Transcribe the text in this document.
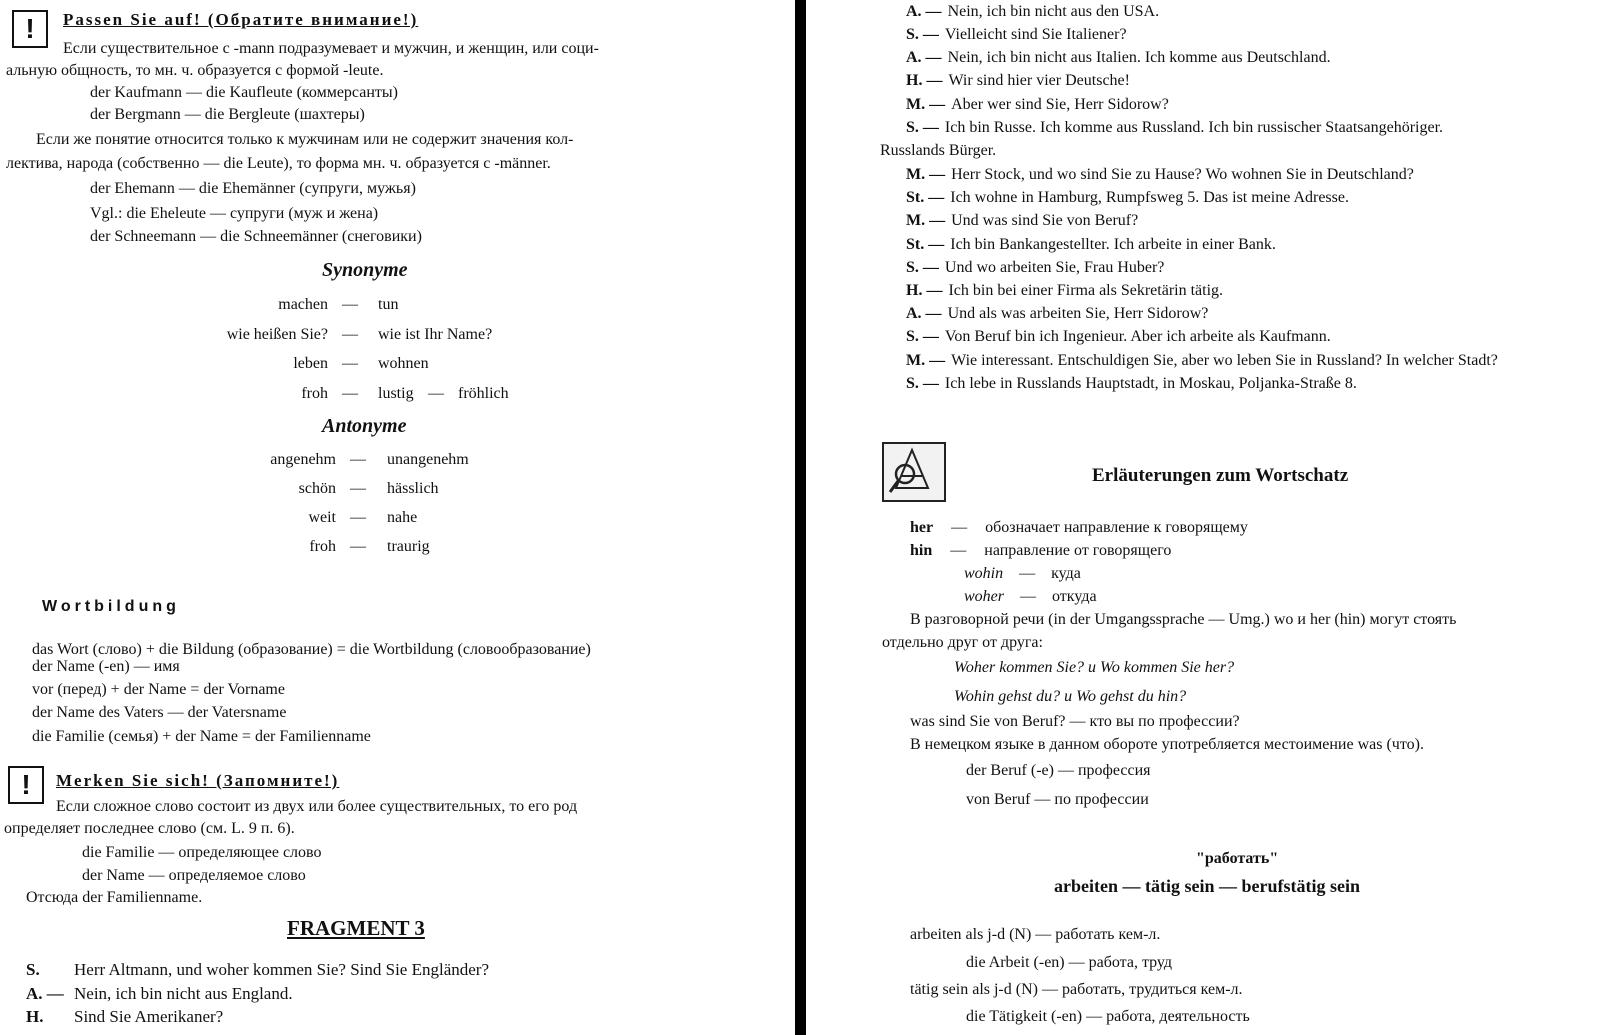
!	Passen Sie auf! (Обратите внимание!)
Если существительное с -mann подразумевает и мужчин, и женщин, или соци-
альную общность, то мн. ч. образуется с формой -leute.
der Kaufmann — die Kaufleute (коммерсанты)
der Bergmann — die Bergleute (шахтеры)
Если же понятие относится только к мужчинам или не содержит значения кол-
лектива, народа (собственно — die Leute), то форма мн. ч. образуется с -männer.
der Ehemann — die Ehemänner (супруги, мужья)
Vgl.: die Eheleute — супруги (муж и жена)
der Schneemann — die Schneemänner (снеговики)
Synonyme
machen — tun
wie heißen Sie? — wie ist Ihr Name?
leben — wohnen
froh — lustig — fröhlich
Antonyme
angenehm — unangenehm
schön — hässlich
weit — nahe
froh — traurig
Wortbildung
das Wort (слово) + die Bildung (образование) = die Wortbildung (словообразование)
der Name (-en) — имя
vor (перед) + der Name = der Vorname
der Name des Vaters — der Vatersname
die Familie (семья) + der Name = der Familienname
!	Merken Sie sich! (Запомните!)
Если сложное слово состоит из двух или более существительных, то его род
определяет последнее слово (см. L. 9 п. 6).
die Familie — определяющее слово
der Name — определяемое слово
Отсюда der Familienname.
FRAGMENT 3
S. Herr Altmann, und woher kommen Sie? Sind Sie Engländer?
A. — Nein, ich bin nicht aus England.
H. Sind Sie Amerikaner?
A. — Nein, ich bin nicht aus den USA.
S. — Vielleicht sind Sie Italiener?
A. — Nein, ich bin nicht aus Italien. Ich komme aus Deutschland.
H. — Wir sind hier vier Deutsche!
M. — Aber wer sind Sie, Herr Sidorow?
S. — Ich bin Russe. Ich komme aus Russland. Ich bin russischer Staatsangehöriger.
Russlands Bürger.
M. — Herr Stock, und wo sind Sie zu Hause? Wo wohnen Sie in Deutschland?
St. — Ich wohne in Hamburg, Rumpfsweg 5. Das ist meine Adresse.
M. — Und was sind Sie von Beruf?
St. — Ich bin Bankangestellter. Ich arbeite in einer Bank.
S. — Und wo arbeiten Sie, Frau Huber?
H. — Ich bin bei einer Firma als Sekretärin tätig.
A. — Und als was arbeiten Sie, Herr Sidorow?
S. — Von Beruf bin ich Ingenieur. Aber ich arbeite als Kaufmann.
M. — Wie interessant. Entschuldigen Sie, aber wo leben Sie in Russland? In welcher Stadt?
S. — Ich lebe in Russlands Hauptstadt, in Moskau, Poljanka-Straße 8.
Erläuterungen zum Wortschatz
her — обозначает направление к говорящему
hin — направление от говорящего
wohin — куда
woher — откуда
В разговорной речи (in der Umgangssprache — Umg.) wo и her (hin) могут стоять
отдельно друг от друга:
Woher kommen Sie? и Wo kommen Sie her?
Wohin gehst du? и Wo gehst du hin?
was sind Sie von Beruf? — кто вы по профессии?
В немецком языке в данном обороте употребляется местоимение was (что).
der Beruf (-e) — профессия
von Beruf — по профессии
"работать"
arbeiten — tätig sein — berufstätig sein
arbeiten als j-d (N) — работать кем-л.
die Arbeit (-en) — работа, труд
tätig sein als j-d (N) — работать, трудиться кем-л.
die Tätigkeit (-en) — работа, деятельность
